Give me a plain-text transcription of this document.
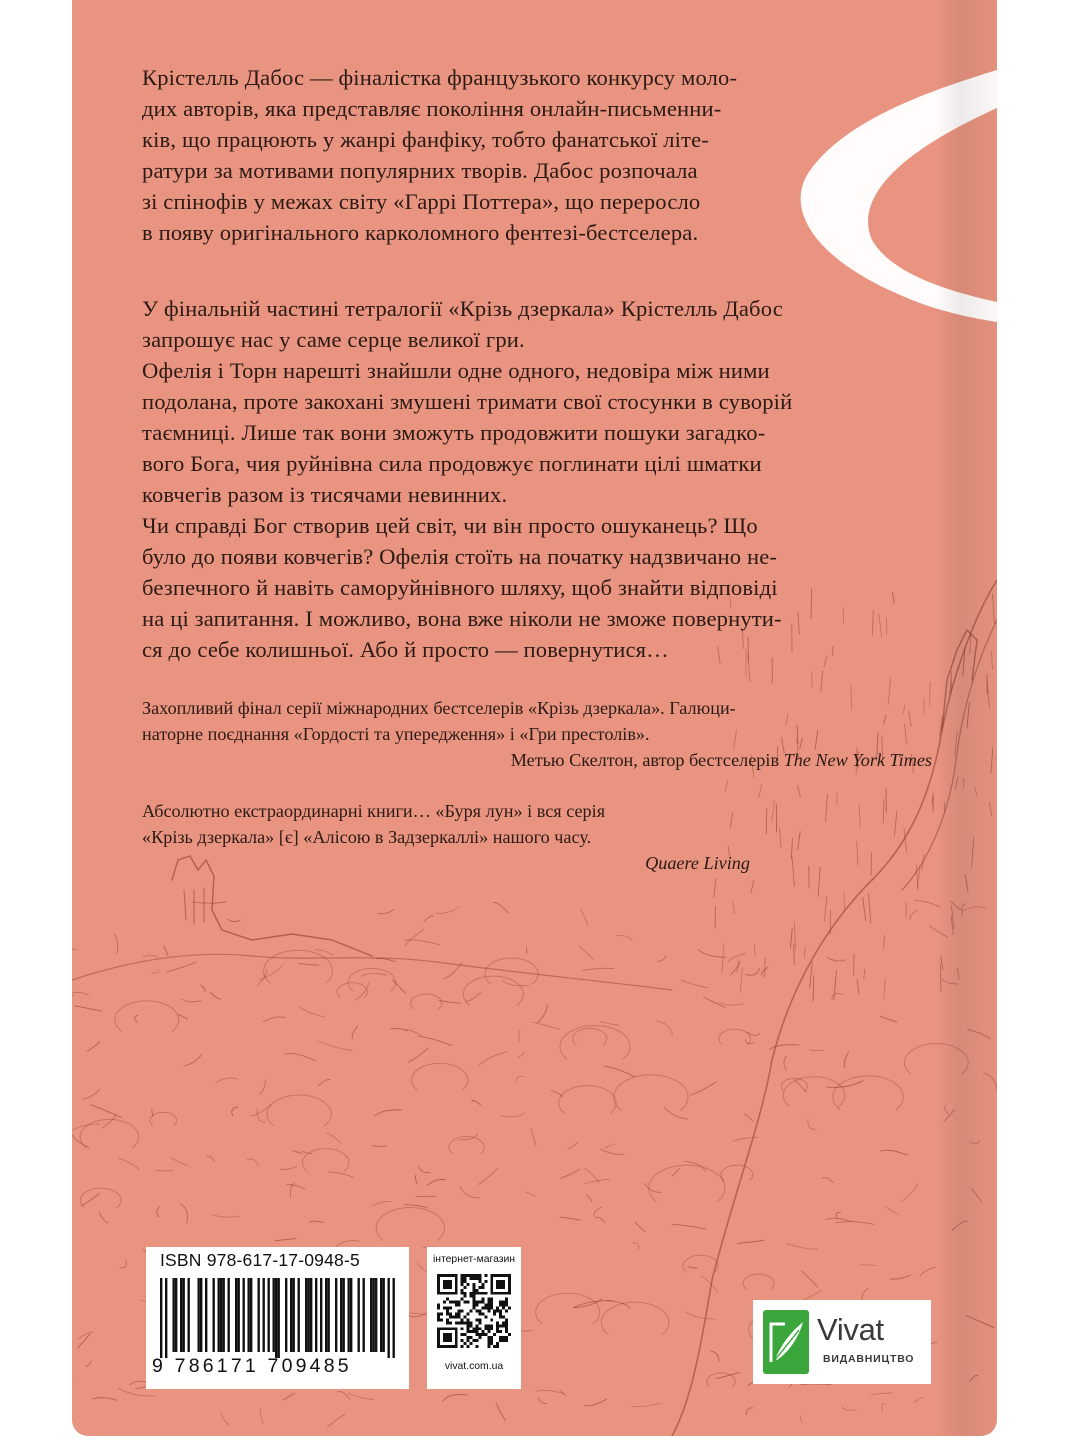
Крістелль Дабос — фіналістка французького конкурсу моло-

дих авторів, яка представляє покоління онлайн-письменни-

ків, що працюють у жанрі фанфіку, тобто фанатської літе-

ратури за мотивами популярних творів. Дабос розпочала

зі спінофів у межах світу «Гаррі Поттера», що переросло

в появу оригінального карколомного фентезі-бестселера.

У фінальній частині тетралогії «Крізь дзеркала» Крістелль Дабос

запрошує нас у саме серце великої гри.

Офелія і Торн нарешті знайшли одне одного, недовіра між ними

подолана, проте закохані змушені тримати свої стосунки в суворій

таємниці. Лише так вони зможуть продовжити пошуки загадко-

вого Бога, чия руйнівна сила продовжує поглинати цілі шматки

ковчегів разом із тисячами невинних.

Чи справді Бог створив цей світ, чи він просто ошуканець? Що

було до появи ковчегів? Офелія стоїть на початку надзвичано не-

безпечного й навіть саморуйнівного шляху, щоб знайти відповіді

на ці запитання. І можливо, вона вже ніколи не зможе повернути-

ся до себе колишньої. Або й просто — повернутися…

Захопливий фінал серії міжнародних бестселерів «Крізь дзеркала». Галюци-

наторне поєднання «Гордості та упередження» і «Гри престолів».

Метью Скелтон, автор бестселерів The New York Times

Абсолютно екстраординарні книги… «Буря лун» і вся серія

«Крізь дзеркала» [є] «Алісою в Задзеркаллі» нашого часу.

Quaere Living

ISBN 978-617-17-0948-5
9 786171 709485
інтернет-магазин
vivat.com.ua
Vivat
ВИДАВНИЦТВО
